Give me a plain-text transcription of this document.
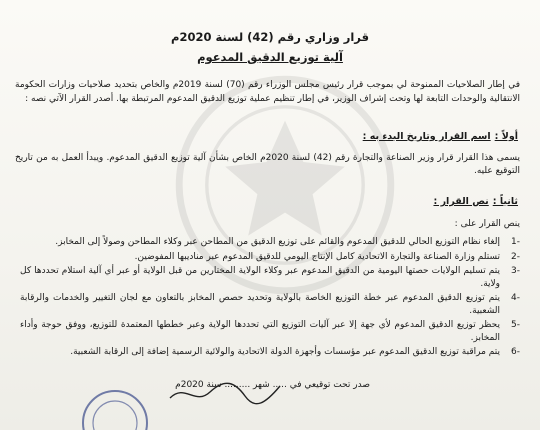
قرار وزاري رقم (42) لسنة 2020م
آلية توزيع الدقيق المدعوم
في إطار الصلاحيات الممنوحة لي بموجب قرار رئيس مجلس الوزراء رقم (70) لسنة 2019م والخاص بتحديد صلاحيات وزارات الحكومة الانتقالية والوحدات التابعة لها وتحت إشراف الوزير، في إطار تنظيم عملية توزيع الدقيق المدعوم المرتبطة بها. أصدر القرار الآتي نصه :
أولاً :اسم القرار وتاريخ البدء به :
يسمى هذا القرار قرار وزير الصناعة والتجارة رقم (42) لسنة 2020م الخاص بشأن آلية توزيع الدقيق المدعوم. ويبدأ العمل به من تاريخ التوقيع عليه.
ثانياً :نص القرار :
ينص القرار على :
-1
إلغاء نظام التوزيع الحالي للدقيق المدعوم والقائم على توزيع الدقيق من المطاحن عبر وكلاء المطاحن وصولاً إلى المخابز.
-2
تستلم وزارة الصناعة والتجارة الاتحادية كامل الإنتاج اليومي للدقيق المدعوم عبر مناديبها المفوضين.
-3
يتم تسليم الولايات حصتها اليومية من الدقيق المدعوم عبر وكلاء الولاية المختارين من قبل الولاية أو عبر أي آلية استلام تحددها كل ولاية.
-4
يتم توزيع الدقيق المدعوم عبر خطة التوزيع الخاصة بالولاية وتحديد حصص المخابز بالتعاون مع لجان التغيير والخدمات والرقابة الشعبية.
-5
يحظر توزيع الدقيق المدعوم لأي جهة إلا عبر آليات التوزيع التي تحددها الولاية وعبر خططها المعتمدة للتوزيع، ووفق حوجة وأداء المخابز.
-6
يتم مراقبة توزيع الدقيق المدعوم عبر مؤسسات وأجهزة الدولة الاتحادية والولائية الرسمية إضافة إلى الرقابة الشعبية.
صدر تحت توقيعي في ..... شهر ......... سنة 2020م
